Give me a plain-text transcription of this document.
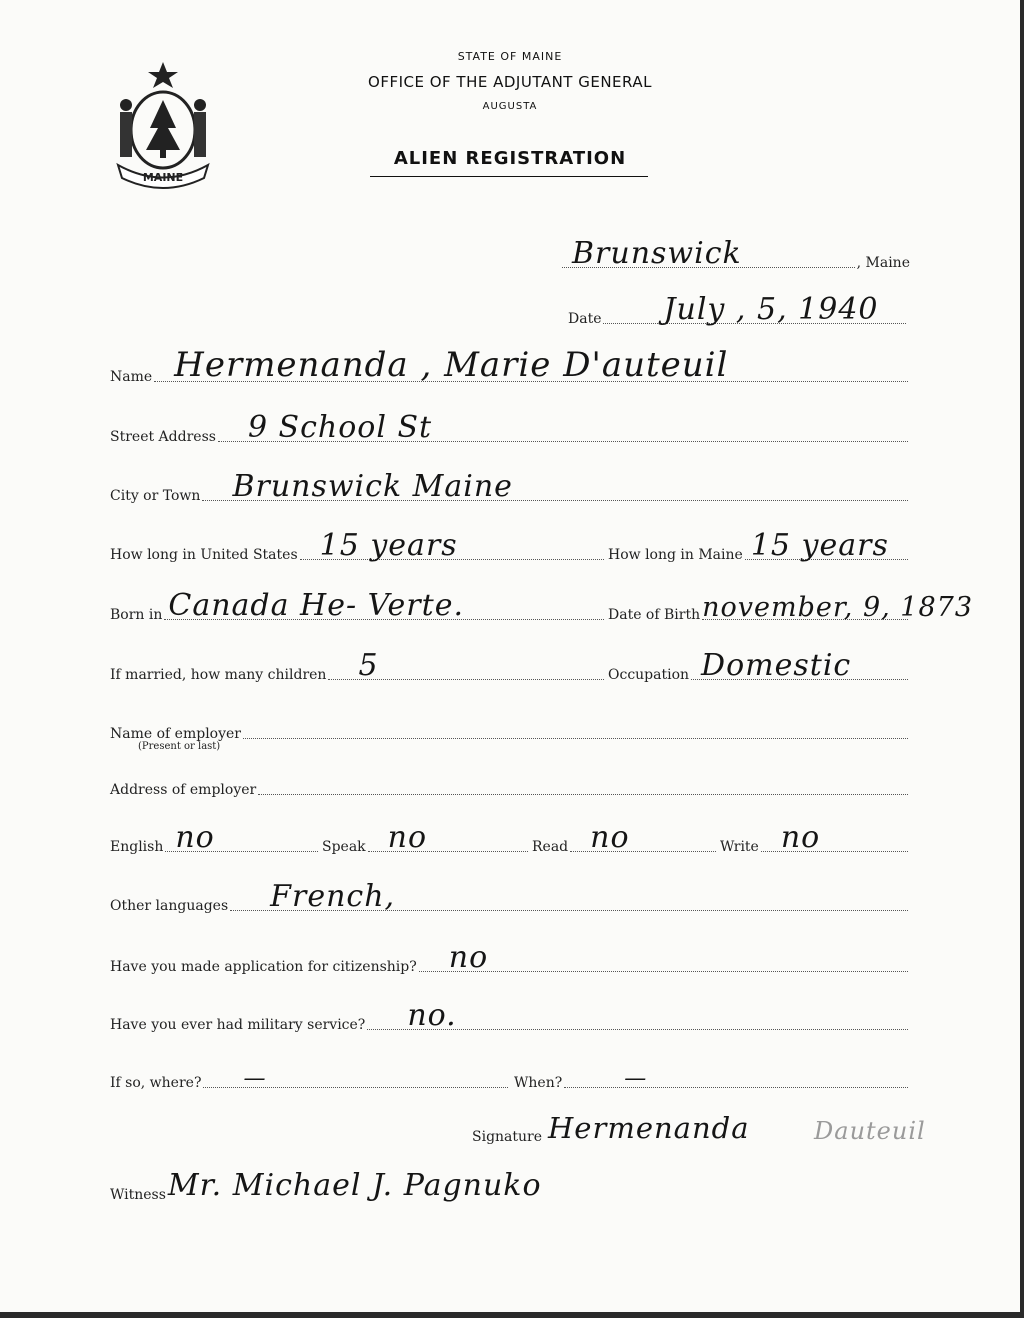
MAINE
STATE OF MAINE
OFFICE OF THE ADJUTANT GENERAL
AUGUSTA
ALIEN REGISTRATION
Brunswick	, Maine
Date July , 5, 1940
Name Hermenanda , Marie D'auteuil
Street Address 9 School St
City or Town Brunswick Maine
How long in United States 15 years	How long in Maine 15 years
Born in Canada He- Verte.	Date of Birth november, 9, 1873
If married, how many children 5	Occupation Domestic
Name of employer
(Present or last)
Address of employer
English no	Speak no	Read no	Write no
Other languages French,
Have you made application for citizenship? no
Have you ever had military service? no.
If so, where? —	When?	—
Signature Hermenanda	Dauteuil
Witness Mr. Michael J. Pagnuko
